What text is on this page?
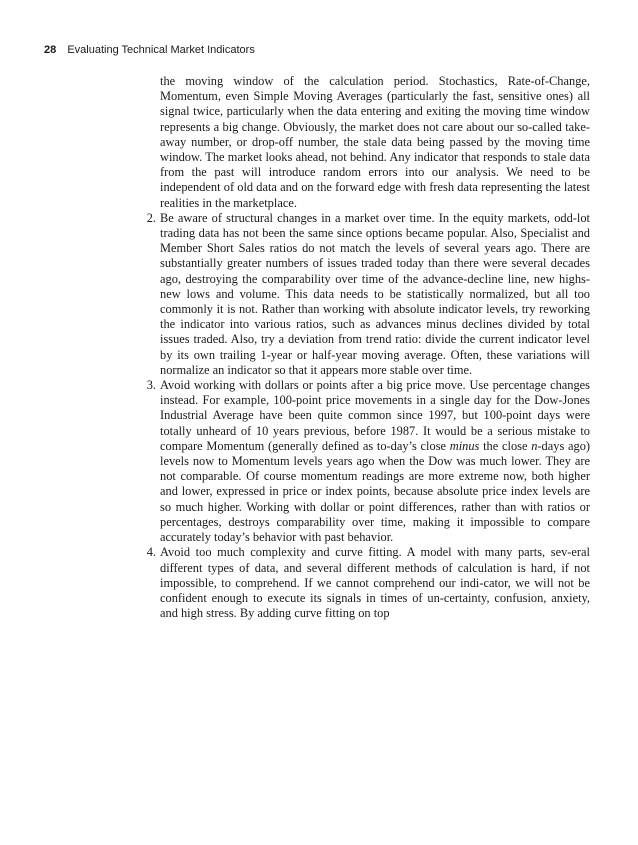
28 Evaluating Technical Market Indicators

the moving window of the calculation period. Stochastics, Rate-of-Change, Momentum, even Simple Moving Averages (particularly the fast, sensitive ones) all signal twice, particularly when the data entering and exiting the moving time window represents a big change. Obviously, the market does not care about our so-called take-away number, or drop-off number, the stale data being passed by the moving time window. The market looks ahead, not behind. Any indicator that responds to stale data from the past will introduce random errors into our analysis. We need to be independent of old data and on the forward edge with fresh data representing the latest realities in the marketplace.

2. Be aware of structural changes in a market over time. In the equity markets, odd-lot trading data has not been the same since options became popular. Also, Specialist and Member Short Sales ratios do not match the levels of several years ago. There are substantially greater numbers of issues traded today than there were several decades ago, destroying the comparability over time of the advance-decline line, new highs-new lows and volume. This data needs to be statistically normalized, but all too commonly it is not. Rather than working with absolute indicator levels, try reworking the indicator into various ratios, such as advances minus declines divided by total issues traded. Also, try a deviation from trend ratio: divide the current indicator level by its own trailing 1-year or half-year moving average. Often, these variations will normalize an indicator so that it appears more stable over time.

3. Avoid working with dollars or points after a big price move. Use percentage changes instead. For example, 100-point price movements in a single day for the Dow-Jones Industrial Average have been quite common since 1997, but 100-point days were totally unheard of 10 years previous, before 1987. It would be a serious mistake to compare Momentum (generally defined as to-day’s close minus the close n-days ago) levels now to Momentum levels years ago when the Dow was much lower. They are not comparable. Of course momentum readings are more extreme now, both higher and lower, expressed in price or index points, because absolute price index levels are so much higher. Working with dollar or point differences, rather than with ratios or percentages, destroys comparability over time, making it impossible to compare accurately today’s behavior with past behavior.

4. Avoid too much complexity and curve fitting. A model with many parts, sev-eral different types of data, and several different methods of calculation is hard, if not impossible, to comprehend. If we cannot comprehend our indi-cator, we will not be confident enough to execute its signals in times of un-certainty, confusion, anxiety, and high stress. By adding curve fitting on top
